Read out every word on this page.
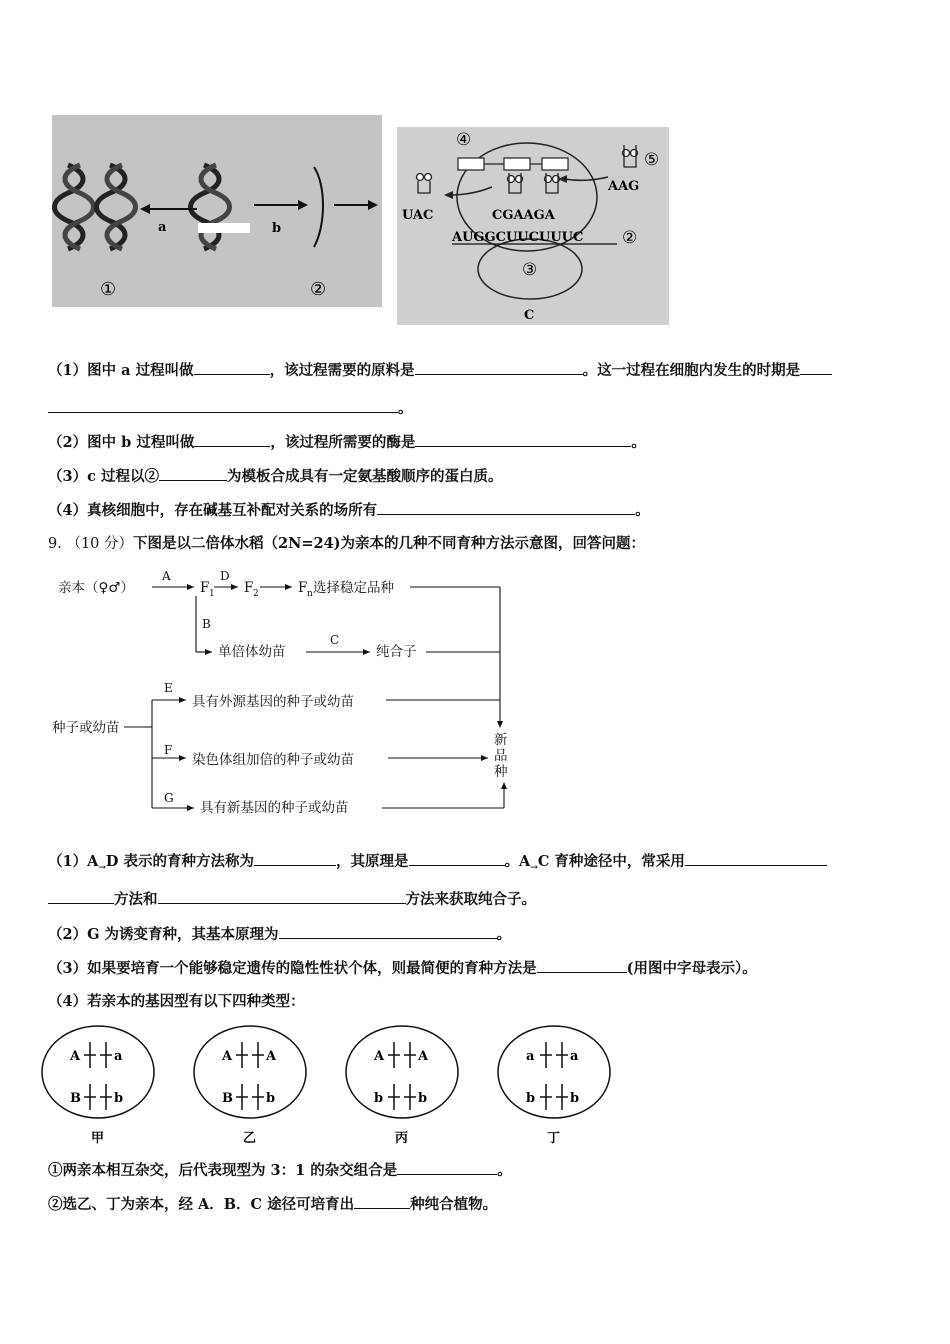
a	b
①	②
④
⑤
AAG
UAC	CGAAGA
AUGGCUUCUUUC ②
③
C
（1）图中 a 过程叫做	，该过程需要的原料是	。这一过程在细胞内发生的时期是
。
（2）图中 b 过程叫做	，该过程所需要的酶是	。
（3）c 过程以②	为模板合成具有一定氨基酸顺序的蛋白质。
（4）真核细胞中，存在碱基互补配对关系的场所有	。
9. （10 分）下图是以二倍体水稻（2N=24)为亲本的几种不同育种方法示意图，回答问题：
亲本（♀♂）
A
F 1
D
F 2	F n 选择稳定品种
B
单倍体幼苗
C
纯合子
种子或幼苗
E
具有外源基因的种子或幼苗
F
染色体组加倍的种子或幼苗
G
具有新基因的种子或幼苗
新
品
种
$(1)A_\to D$ 表示的育种方法称为	，其原理是	。$A_\to C$ 育种途径中，常采用
方法和	方法来获取纯合子。
（2）G 为诱变育种，其基本原理为	。
（3）如果要培育一个能够稳定遗传的隐性性状个体，则最简便的育种方法是	(用图中字母表示）。
（4）若亲本的基因型有以下四种类型：
A	a
B	b
甲
A	A
B	b
乙
A	A
b	b
丙
a	a
b	b
丁
①两亲本相互杂交，后代表现型为 3：1 的杂交组合是	。
②选乙、丁为亲本，经 A．B．C 途径可培育出	种纯合植物。
